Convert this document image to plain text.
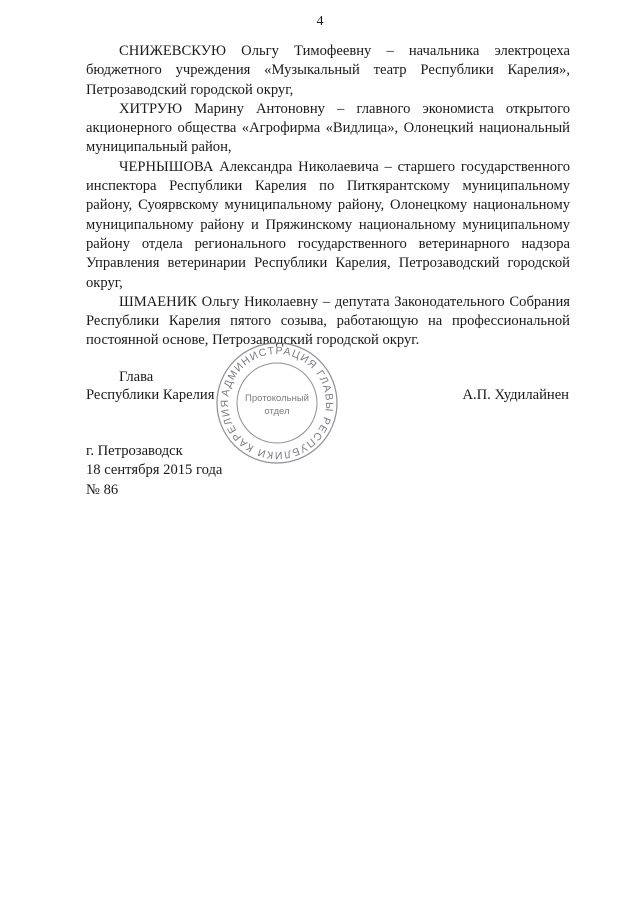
4

СНИЖЕВСКУЮ Ольгу Тимофеевну – начальника электроцеха бюджетного учреждения «Музыкальный театр Республики Карелия», Петрозаводский городской округ,

ХИТРУЮ Марину Антоновну – главного экономиста открытого акционерного общества «Агрофирма «Видлица», Олонецкий национальный муниципальный район,

ЧЕРНЫШОВА Александра Николаевича – старшего государственного инспектора Республики Карелия по Питкярантскому муниципальному району, Суоярвскому муниципальному району, Олонецкому национальному муниципальному району и Пряжинскому национальному муниципальному району отдела регионального государственного ветеринарного надзора Управления ветеринарии Республики Карелия, Петрозаводский городской округ,

ШМАЕНИК Ольгу Николаевну – депутата Законодательного Собрания Республики Карелия пятого созыва, работающую на профессиональной постоянной основе, Петрозаводский городской округ.

Глава
Республики Карелия	А.П. Худилайнен
АДМИНИСТРАЦИЯ ГЛАВЫ РЕСПУБЛИКИ КАРЕЛИЯ	Протокольный
отдел
г. Петрозаводск
18 сентября 2015 года
№ 86
